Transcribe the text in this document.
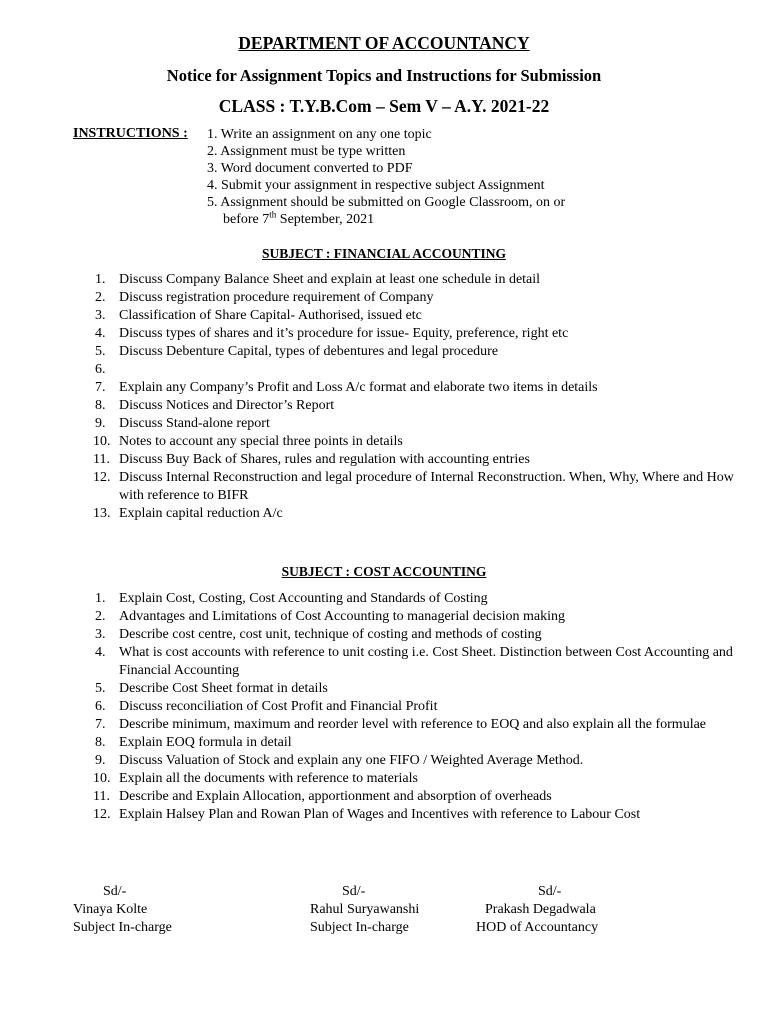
DEPARTMENT OF ACCOUNTANCY
Notice for Assignment Topics and Instructions for Submission
CLASS : T.Y.B.Com – Sem V – A.Y. 2021-22
INSTRUCTIONS : 1. Write an assignment on any one topic
2. Assignment must be type written
3. Word document converted to PDF
4. Submit your assignment in respective subject Assignment
5. Assignment should be submitted on Google Classroom, on or
before 7th September, 2021
SUBJECT : FINANCIAL ACCOUNTING
1. Discuss Company Balance Sheet and explain at least one schedule in detail
2. Discuss registration procedure requirement of Company
3. Classification of Share Capital- Authorised, issued etc
4. Discuss types of shares and it’s procedure for issue- Equity, preference, right etc
5. Discuss Debenture Capital, types of debentures and legal procedure
6.
7. Explain any Company’s Profit and Loss A/c format and elaborate two items in details
8. Discuss Notices and Director’s Report
9. Discuss Stand-alone report
10. Notes to account any special three points in details
11. Discuss Buy Back of Shares, rules and regulation with accounting entries
12. Discuss Internal Reconstruction and legal procedure of Internal Reconstruction. When, Why, Where and How with reference to BIFR
13. Explain capital reduction A/c
SUBJECT : COST ACCOUNTING
1. Explain Cost, Costing, Cost Accounting and Standards of Costing
2. Advantages and Limitations of Cost Accounting to managerial decision making
3. Describe cost centre, cost unit, technique of costing and methods of costing
4. What is cost accounts with reference to unit costing i.e. Cost Sheet. Distinction between Cost Accounting and Financial Accounting
5. Describe Cost Sheet format in details
6. Discuss reconciliation of Cost Profit and Financial Profit
7. Describe minimum, maximum and reorder level with reference to EOQ and also explain all the formulae
8. Explain EOQ formula in detail
9. Discuss Valuation of Stock and explain any one FIFO / Weighted Average Method.
10. Explain all the documents with reference to materials
11. Describe and Explain Allocation, apportionment and absorption of overheads
12. Explain Halsey Plan and Rowan Plan of Wages and Incentives with reference to Labour Cost
Sd/-
Vinaya Kolte
Subject In-charge
Sd/-
Rahul Suryawanshi
Subject In-charge
Sd/-
Prakash Degadwala
HOD of Accountancy
